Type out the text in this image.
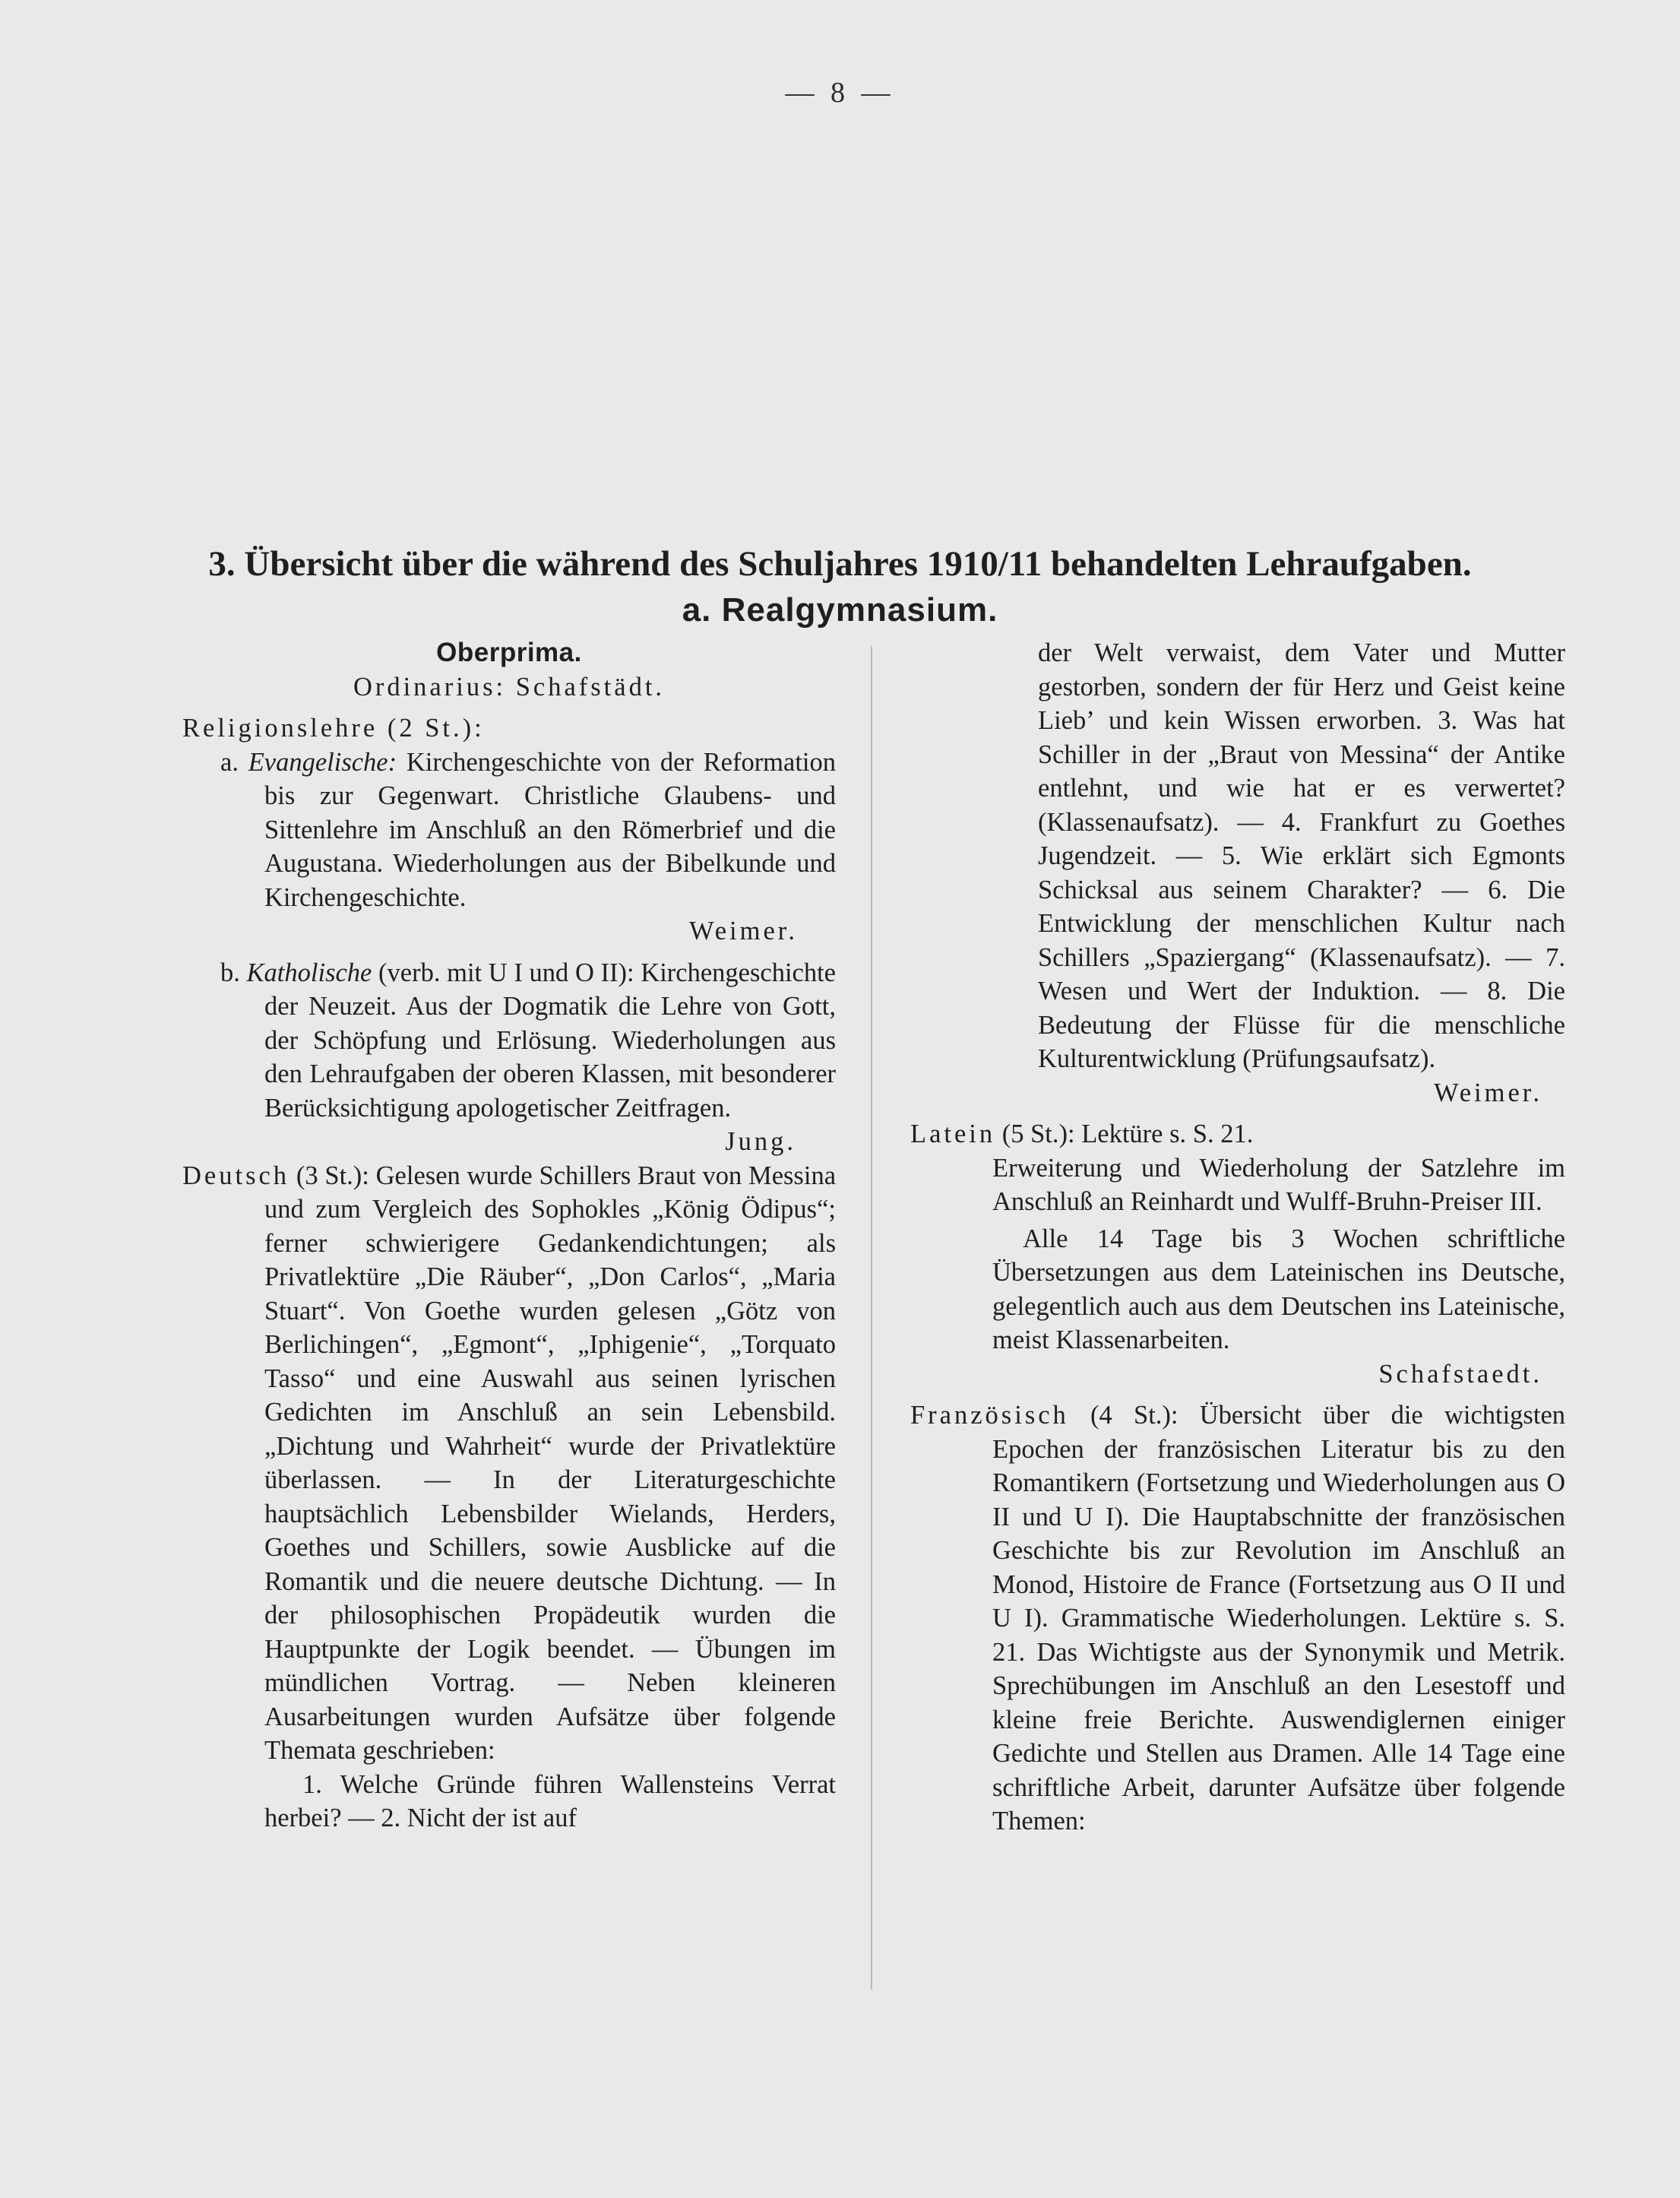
— 8 —
3. Übersicht über die während des Schuljahres 1910/11 behandelten Lehraufgaben.
a. Realgymnasium.
Oberprima.
Ordinarius: Schafstädt.
Religionslehre (2 St.):
a. Evangelische: Kirchengeschichte von der Reformation bis zur Gegenwart. Christliche Glaubens- und Sittenlehre im Anschluß an den Römerbrief und die Augustana. Wiederholungen aus der Bibelkunde und Kirchengeschichte.
Weimer.
b. Katholische (verb. mit U I und O II): Kirchengeschichte der Neuzeit. Aus der Dogmatik die Lehre von Gott, der Schöpfung und Erlösung. Wiederholungen aus den Lehraufgaben der oberen Klassen, mit besonderer Berücksichtigung apologetischer Zeitfragen.
Jung.
Deutsch (3 St.): Gelesen wurde Schillers Braut von Messina und zum Vergleich des Sophokles „König Ödipus“; ferner schwierigere Gedankendichtungen; als Privatlektüre „Die Räuber“, „Don Carlos“, „Maria Stuart“. Von Goethe wurden gelesen „Götz von Berlichingen“, „Egmont“, „Iphigenie“, „Torquato Tasso“ und eine Auswahl aus seinen lyrischen Gedichten im Anschluß an sein Lebensbild. „Dichtung und Wahrheit“ wurde der Privatlektüre überlassen. — In der Literaturgeschichte hauptsächlich Lebensbilder Wielands, Herders, Goethes und Schillers, sowie Ausblicke auf die Romantik und die neuere deutsche Dichtung. — In der philosophischen Propädeutik wurden die Hauptpunkte der Logik beendet. — Übungen im mündlichen Vortrag. — Neben kleineren Ausarbeitungen wurden Aufsätze über folgende Themata geschrieben:
1. Welche Gründe führen Wallensteins Verrat herbei? — 2. Nicht der ist auf
der Welt verwaist, dem Vater und Mutter gestorben, sondern der für Herz und Geist keine Lieb’ und kein Wissen erworben. 3. Was hat Schiller in der „Braut von Messina“ der Antike entlehnt, und wie hat er es verwertet? (Klassenaufsatz). — 4. Frankfurt zu Goethes Jugendzeit. — 5. Wie erklärt sich Egmonts Schicksal aus seinem Charakter? — 6. Die Entwicklung der menschlichen Kultur nach Schillers „Spaziergang“ (Klassenaufsatz). — 7. Wesen und Wert der Induktion. — 8. Die Bedeutung der Flüsse für die menschliche Kulturentwicklung (Prüfungsaufsatz).
Weimer.
Latein (5 St.): Lektüre s. S. 21.
Erweiterung und Wiederholung der Satzlehre im Anschluß an Reinhardt und Wulff-Bruhn-Preiser III.
Alle 14 Tage bis 3 Wochen schriftliche Übersetzungen aus dem Lateinischen ins Deutsche, gelegentlich auch aus dem Deutschen ins Lateinische, meist Klassenarbeiten.
Schafstaedt.
Französisch (4 St.): Übersicht über die wichtigsten Epochen der französischen Literatur bis zu den Romantikern (Fortsetzung und Wiederholungen aus O II und U I). Die Hauptabschnitte der französischen Geschichte bis zur Revolution im Anschluß an Monod, Histoire de France (Fortsetzung aus O II und U I). Grammatische Wiederholungen. Lektüre s. S. 21. Das Wichtigste aus der Synonymik und Metrik. Sprechübungen im Anschluß an den Lesestoff und kleine freie Berichte. Auswendiglernen einiger Gedichte und Stellen aus Dramen. Alle 14 Tage eine schriftliche Arbeit, darunter Aufsätze über folgende Themen:
